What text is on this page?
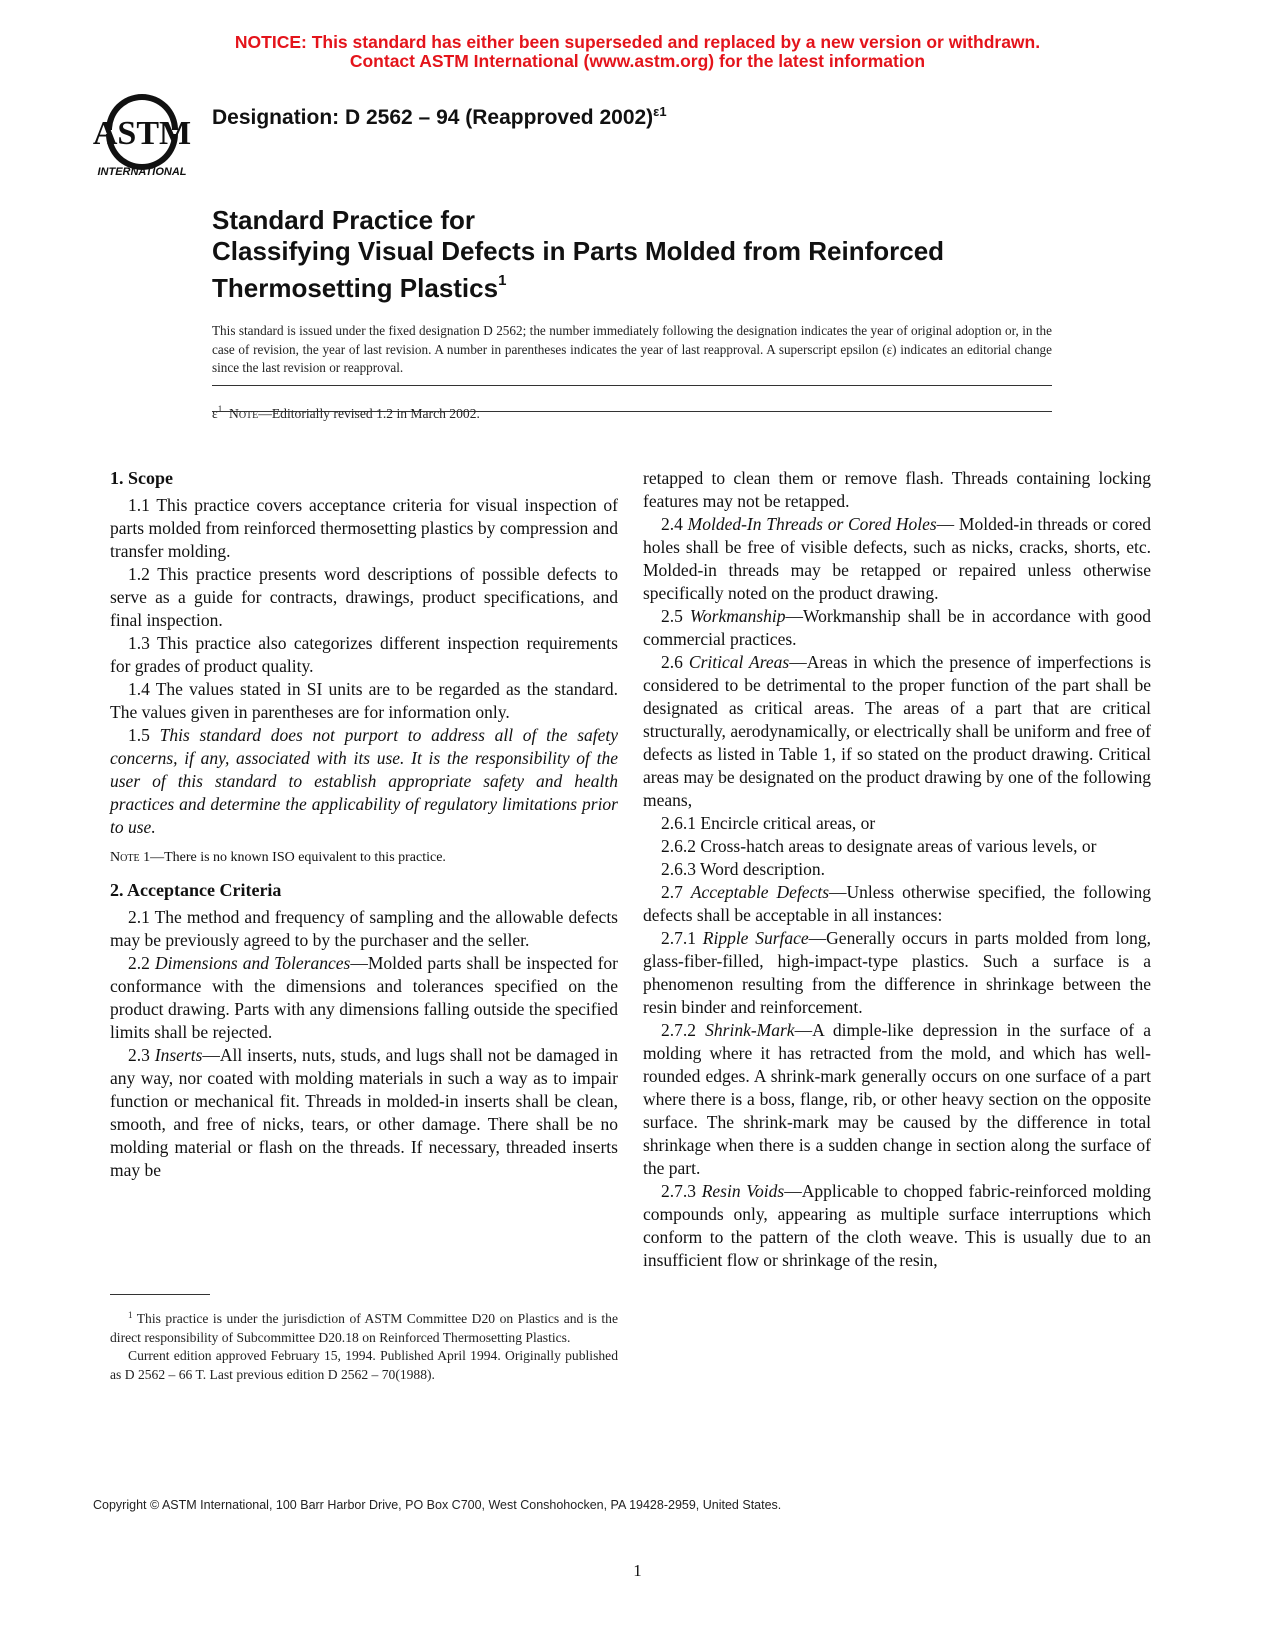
NOTICE: This standard has either been superseded and replaced by a new version or withdrawn.
Contact ASTM International (www.astm.org) for the latest information
ASTM
INTERNATIONAL
Designation: D 2562 – 94 (Reapproved 2002)$^{\varepsilon 1}$
Standard Practice for
Classifying Visual Defects in Parts Molded from Reinforced
Thermosetting Plastics$^1$
This standard is issued under the fixed designation D 2562; the number immediately following the designation indicates the year of original adoption or, in the case of revision, the year of last revision. A number in parentheses indicates the year of last reapproval. A superscript epsilon (ε) indicates an editorial change since the last revision or reapproval.
$\varepsilon^1$ Note—Editorially revised 1.2 in March 2002.
1. Scope

1.1 This practice covers acceptance criteria for visual inspection of parts molded from reinforced thermosetting plastics by compression and transfer molding.

1.2 This practice presents word descriptions of possible defects to serve as a guide for contracts, drawings, product specifications, and final inspection.

1.3 This practice also categorizes different inspection requirements for grades of product quality.

1.4 The values stated in SI units are to be regarded as the standard. The values given in parentheses are for information only.

1.5 This standard does not purport to address all of the safety concerns, if any, associated with its use. It is the responsibility of the user of this standard to establish appropriate safety and health practices and determine the applicability of regulatory limitations prior to use.

Note 1—There is no known ISO equivalent to this practice.

2. Acceptance Criteria

2.1 The method and frequency of sampling and the allowable defects may be previously agreed to by the purchaser and the seller.

2.2 Dimensions and Tolerances—Molded parts shall be inspected for conformance with the dimensions and tolerances specified on the product drawing. Parts with any dimensions falling outside the specified limits shall be rejected.

2.3 Inserts—All inserts, nuts, studs, and lugs shall not be damaged in any way, nor coated with molding materials in such a way as to impair function or mechanical fit. Threads in molded-in inserts shall be clean, smooth, and free of nicks, tears, or other damage. There shall be no molding material or flash on the threads. If necessary, threaded inserts may be

retapped to clean them or remove flash. Threads containing locking features may not be retapped.

2.4 Molded-In Threads or Cored Holes— Molded-in threads or cored holes shall be free of visible defects, such as nicks, cracks, shorts, etc. Molded-in threads may be retapped or repaired unless otherwise specifically noted on the product drawing.

2.5 Workmanship—Workmanship shall be in accordance with good commercial practices.

2.6 Critical Areas—Areas in which the presence of imperfections is considered to be detrimental to the proper function of the part shall be designated as critical areas. The areas of a part that are critical structurally, aerodynamically, or electrically shall be uniform and free of defects as listed in Table 1, if so stated on the product drawing. Critical areas may be designated on the product drawing by one of the following means,

2.6.1 Encircle critical areas, or

2.6.2 Cross-hatch areas to designate areas of various levels, or

2.6.3 Word description.

2.7 Acceptable Defects—Unless otherwise specified, the following defects shall be acceptable in all instances:

2.7.1 Ripple Surface—Generally occurs in parts molded from long, glass-fiber-filled, high-impact-type plastics. Such a surface is a phenomenon resulting from the difference in shrinkage between the resin binder and reinforcement.

2.7.2 Shrink-Mark—A dimple-like depression in the surface of a molding where it has retracted from the mold, and which has well-rounded edges. A shrink-mark generally occurs on one surface of a part where there is a boss, flange, rib, or other heavy section on the opposite surface. The shrink-mark may be caused by the difference in total shrinkage when there is a sudden change in section along the surface of the part.

2.7.3 Resin Voids—Applicable to chopped fabric-reinforced molding compounds only, appearing as multiple surface interruptions which conform to the pattern of the cloth weave. This is usually due to an insufficient flow or shrinkage of the resin,

$^1$ This practice is under the jurisdiction of ASTM Committee D20 on Plastics and is the direct responsibility of Subcommittee D20.18 on Reinforced Thermosetting Plastics.

Current edition approved February 15, 1994. Published April 1994. Originally published as D 2562 – 66 T. Last previous edition D 2562 – 70(1988).

Copyright © ASTM International, 100 Barr Harbor Drive, PO Box C700, West Conshohocken, PA 19428-2959, United States.
1
